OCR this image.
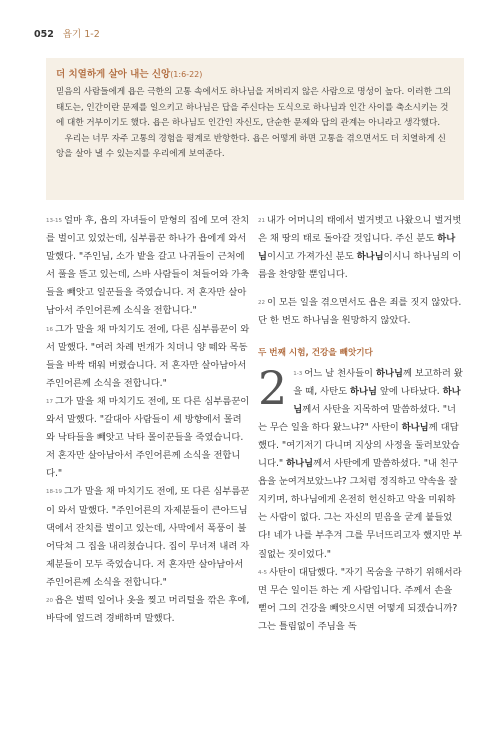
052 욥기 1-2
더 치열하게 살아 내는 신앙(1:6-22)

믿음의 사람들에게 욥은 극한의 고통 속에서도 하나님을 저버리지 않은 사람으로 명성이 높다. 이러한 그의 태도는, 인간이란 문제를 일으키고 하나님은 답을 주신다는 도식으로 하나님과 인간 사이를 축소시키는 것에 대한 거부이기도 했다. 욥은 하나님도 인간인 자신도, 단순한 문제와 답의 관계는 아니라고 생각했다.

우리는 너무 자주 고통의 경험을 평계로 반항한다. 욥은 어떻게 하면 고통을 겪으면서도 더 치열하게 신앙을 살아 낼 수 있는지를 우리에게 보여준다.

$^{13-15}$ 얼마 후, 욥의 자녀들이 맏형의 집에 모여 잔치를 벌이고 있었는데, 심부름꾼 하나가 욥에게 와서 말했다. "주인님, 소가 밭을 갈고 나귀들이 근처에서 풀을 뜯고 있는데, 스바 사람들이 쳐들어와 가축들을 빼앗고 일꾼들을 죽였습니다. 저 혼자만 살아남아서 주인어른께 소식을 전합니다."

$^{16}$ 그가 말을 채 마치기도 전에, 다른 심부름꾼이 와서 말했다. "여러 차례 번개가 치더니 양 떼와 목동들을 바싹 태워 버렸습니다. 저 혼자만 살아남아서 주인어른께 소식을 전합니다."

$^{17}$ 그가 말을 채 마치기도 전에, 또 다른 심부름꾼이 와서 말했다. "갈대아 사람들이 세 방향에서 몰려와 낙타들을 빼앗고 낙타 몰이꾼들을 죽였습니다. 저 혼자만 살아남아서 주인어른께 소식을 전합니다."

$^{18-19}$ 그가 말을 채 마치기도 전에, 또 다른 심부름꾼이 와서 말했다. "주인어른의 자제분들이 큰아드님 댁에서 잔치를 벌이고 있는데, 사막에서 폭풍이 불어닥쳐 그 집을 내리쳤습니다. 집이 무너져 내려 자제분들이 모두 죽었습니다. 저 혼자만 살아남아서 주인어른께 소식을 전합니다."

$^{20}$ 욥은 벌떡 일어나 옷을 찢고 머리털을 깎은 후에, 바닥에 엎드려 경배하며 말했다.

$^{21}$ 내가 어머니의 태에서 벌거벗고 나왔으니 벌거벗은 채 땅의 태로 돌아갈 것입니다. 주신 분도 하나님이시고 가져가신 분도 하나님이시니 하나님의 이름을 찬양할 뿐입니다.

$^{22}$ 이 모든 일을 겪으면서도 욥은 죄를 짓지 않았다. 단 한 번도 하나님을 원망하지 않았다.

두 번째 시험, 건강을 빼앗기다

2 $^{1-3}$ 어느 날 천사들이 하나님께 보고하러 왔을 때, 사탄도 하나님 앞에 나타났다. 하나님께서 사탄을 지목하여 말씀하셨다. "너는 무슨 일을 하다 왔느냐?" 사탄이 하나님께 대답했다. "여기저기 다니며 지상의 사정을 둘러보았습니다." 하나님께서 사탄에게 말씀하셨다. "내 친구 욥을 눈여겨보았느냐? 그처럼 정직하고 약속을 잘 지키며, 하나님에게 온전히 헌신하고 악을 미워하는 사람이 없다. 그는 자신의 믿음을 굳게 붙들었다! 네가 나를 부추겨 그를 무너뜨리고자 했지만 부질없는 짓이었다."

$^{4-5}$ 사탄이 대답했다. "자기 목숨을 구하기 위해서라면 무슨 일이든 하는 게 사람입니다. 주께서 손을 뻗어 그의 건강을 빼앗으시면 어떻게 되겠습니까? 그는 틀림없이 주님을 독
